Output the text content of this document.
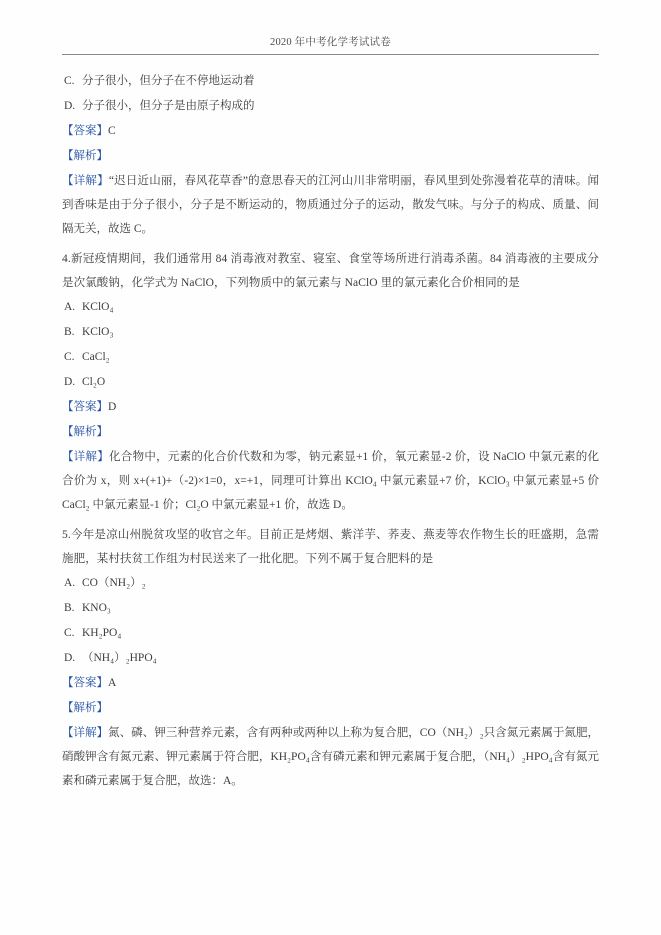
2020 年中考化学考试试卷
C. 分子很小，但分子在不停地运动着
D. 分子很小，但分子是由原子构成的
【答案】C
【解析】
【详解】“迟日近山丽，春风花草香”的意思春天的江河山川非常明丽，春风里到处弥漫着花草的清味。闻到香味是由于分子很小，分子是不断运动的，物质通过分子的运动，散发气味。与分子的构成、质量、间隔无关，故选 C。

4.新冠疫情期间，我们通常用 84 消毒液对教室、寝室、食堂等场所进行消毒杀菌。84 消毒液的主要成分是次氯酸钠，化学式为 NaClO，下列物质中的氯元素与 NaClO 里的氯元素化合价相同的是

A. KClO₄
B. KClO₃
C. CaCl₂
D. Cl₂O
【答案】D
【解析】
【详解】化合物中，元素的化合价代数和为零，钠元素显+1 价，氧元素显-2 价，设 NaClO 中氯元素的化合价为 x，则 x+(+1)+（-2)×1=0，x=+1，同理可计算出 KClO₄ 中氯元素显+7 价，KClO₃ 中氯元素显+5 价 CaCl₂ 中氯元素显-1 价；Cl₂O 中氯元素显+1 价，故选 D。

5.今年是凉山州脱贫攻坚的收官之年。目前正是烤烟、紫洋芋、荞麦、燕麦等农作物生长的旺盛期，急需施肥，某村扶贫工作组为村民送来了一批化肥。下列不属于复合肥料的是

A. CO（NH₂）₂
B. KNO₃
C. KH₂PO₄
D. （NH₄）₂HPO₄
【答案】A
【解析】
【详解】氮、磷、钾三种营养元素，含有两种或两种以上称为复合肥，CO（NH₂）₂只含氮元素属于氮肥，硝酸钾含有氮元素、钾元素属于符合肥，KH₂PO₄含有磷元素和钾元素属于复合肥，（NH₄）₂HPO₄含有氮元素和磷元素属于复合肥，故选：A。
